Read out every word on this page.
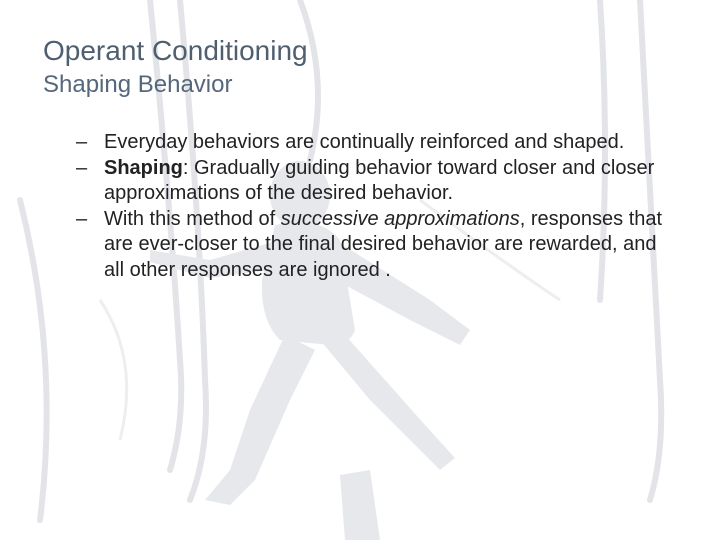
Operant Conditioning
Shaping Behavior
– Everyday behaviors are continually reinforced and shaped.
– Shaping: Gradually guiding behavior toward closer and closer approximations of the desired behavior.
– With this method of successive approximations, responses that are ever-closer to the final desired behavior are rewarded, and all other responses are ignored .
